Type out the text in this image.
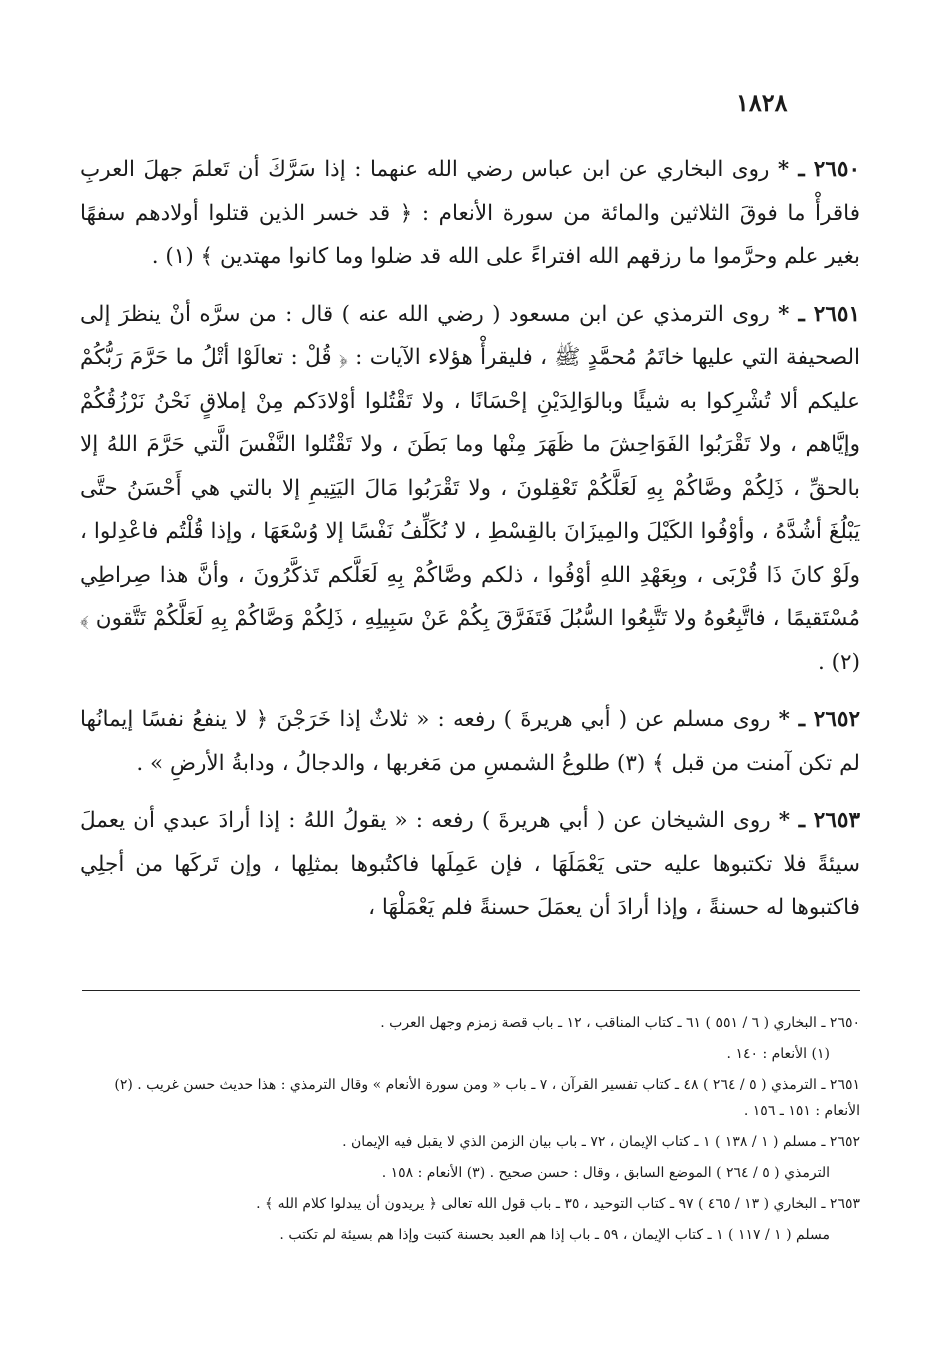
١٨٢٨

٢٦٥٠ ـ * روى البخاري عن ابن عباس رضي الله عنهما : إذا سَرَّكَ أن تَعلمَ جهلَ العربِ فاقرأْ ما فوقَ الثلاثين والمائة من سورة الأنعام : ﴿ قد خسر الذين قتلوا أولادهم سفهًا بغير علم وحرَّموا ما رزقهم الله افتراءً على الله قد ضلوا وما كانوا مهتدين ﴾ (١) .

٢٦٥١ ـ * روى الترمذي عن ابن مسعود ( رضي الله عنه ) قال : من سرَّه أنْ ينظرَ إلى الصحيفة التي عليها خاتَمُ مُحمَّدٍ ﷺ ، فليقرأْ هؤلاء الآيات : ﴿ قُلْ : تعالَوْا أتْلُ ما حَرَّمَ رَبُّكُمْ عليكم ألا تُشْرِكوا به شيئًا وبالوَالِدَيْنِ إحْسَانًا ، ولا تَقْتُلوا أوْلادَكم مِنْ إملاقٍ نَحْنُ نَرْزُقُكُمْ وإيَّاهم ، ولا تَقْرَبُوا الفَوَاحِشَ ما ظَهَرَ مِنْها وما بَطَنَ ، ولا تَقْتُلوا النَّفْسَ الَّتي حَرَّمَ اللهُ إلا بالحقِّ ، ذَلِكُمْ وصَّاكُمْ بِهِ لَعَلَّكُمْ تَعْقِلونَ ، ولا تَقْرَبُوا مَالَ اليَتِيمِ إلا بالتي هي أَحْسَنُ حتَّى يَبْلُغَ أشُدَّهُ ، وأوْفُوا الكَيْلَ والمِيزَانَ بالقِسْطِ ، لا نُكَلِّفُ نَفْسًا إلا وُسْعَهَا ، وإذا قُلْتُم فاعْدِلوا ، ولَوْ كانَ ذَا قُرْبَى ، وبِعَهْدِ اللهِ أوْفُوا ، ذلكم وصَّاكُمْ بِهِ لَعَلَّكم تَذكَّرُونَ ، وأنَّ هذا صِراطِي مُسْتَقيمًا ، فاتَّبِعُوهُ ولا تَتَّبِعُوا السُّبُلَ فَتَفَرَّقَ بِكُمْ عَنْ سَبِيلِهِ ، ذَلِكُمْ وَصَّاكُمْ بِهِ لَعَلَّكُمْ تَتَّقون ﴾ (٢) .

٢٦٥٢ ـ * روى مسلم عن ( أبي هريرةَ ) رفعه : « ثلاثٌ إذا خَرَجْنَ ﴿ لا ينفعُ نفسًا إيمانُها لم تكن آمنت من قبل ﴾ (٣) طلوعُ الشمسِ من مَغربها ، والدجالُ ، ودابةُ الأرضِ » .

٢٦٥٣ ـ * روى الشيخان عن ( أبي هريرةَ ) رفعه : « يقولُ اللهُ : إذا أرادَ عبدي أن يعملَ سيئةً فلا تكتبوها عليه حتى يَعْمَلَهَا ، فإن عَمِلَها فاكتُبوها بمثلِها ، وإن تَركَها من أجلِي فاكتبوها له حسنةً ، وإذا أرادَ أن يعمَلَ حسنةً فلم يَعْمَلْهَا ،

٢٦٥٠ ـ البخاري ( ٦ / ٥٥١ ) ٦١ ـ كتاب المناقب ، ١٢ ـ باب قصة زمزم وجهل العرب .

(١) الأنعام : ١٤٠ .

٢٦٥١ ـ الترمذي ( ٥ / ٢٦٤ ) ٤٨ ـ كتاب تفسير القرآن ، ٧ ـ باب « ومن سورة الأنعام » وقال الترمذي : هذا حديث حسن غريب . (٢) الأنعام : ١٥١ ـ ١٥٦ .

٢٦٥٢ ـ مسلم ( ١ / ١٣٨ ) ١ ـ كتاب الإيمان ، ٧٢ ـ باب بيان الزمن الذي لا يقبل فيه الإيمان .

الترمذي ( ٥ / ٢٦٤ ) الموضع السابق ، وقال : حسن صحيح . (٣) الأنعام : ١٥٨ .

٢٦٥٣ ـ البخاري ( ١٣ / ٤٦٥ ) ٩٧ ـ كتاب التوحيد ، ٣٥ ـ باب قول الله تعالى ﴿ يريدون أن يبدلوا كلام الله ﴾ .

مسلم ( ١ / ١١٧ ) ١ ـ كتاب الإيمان ، ٥٩ ـ باب إذا هم العبد بحسنة كتبت وإذا هم بسيئة لم تكتب .
